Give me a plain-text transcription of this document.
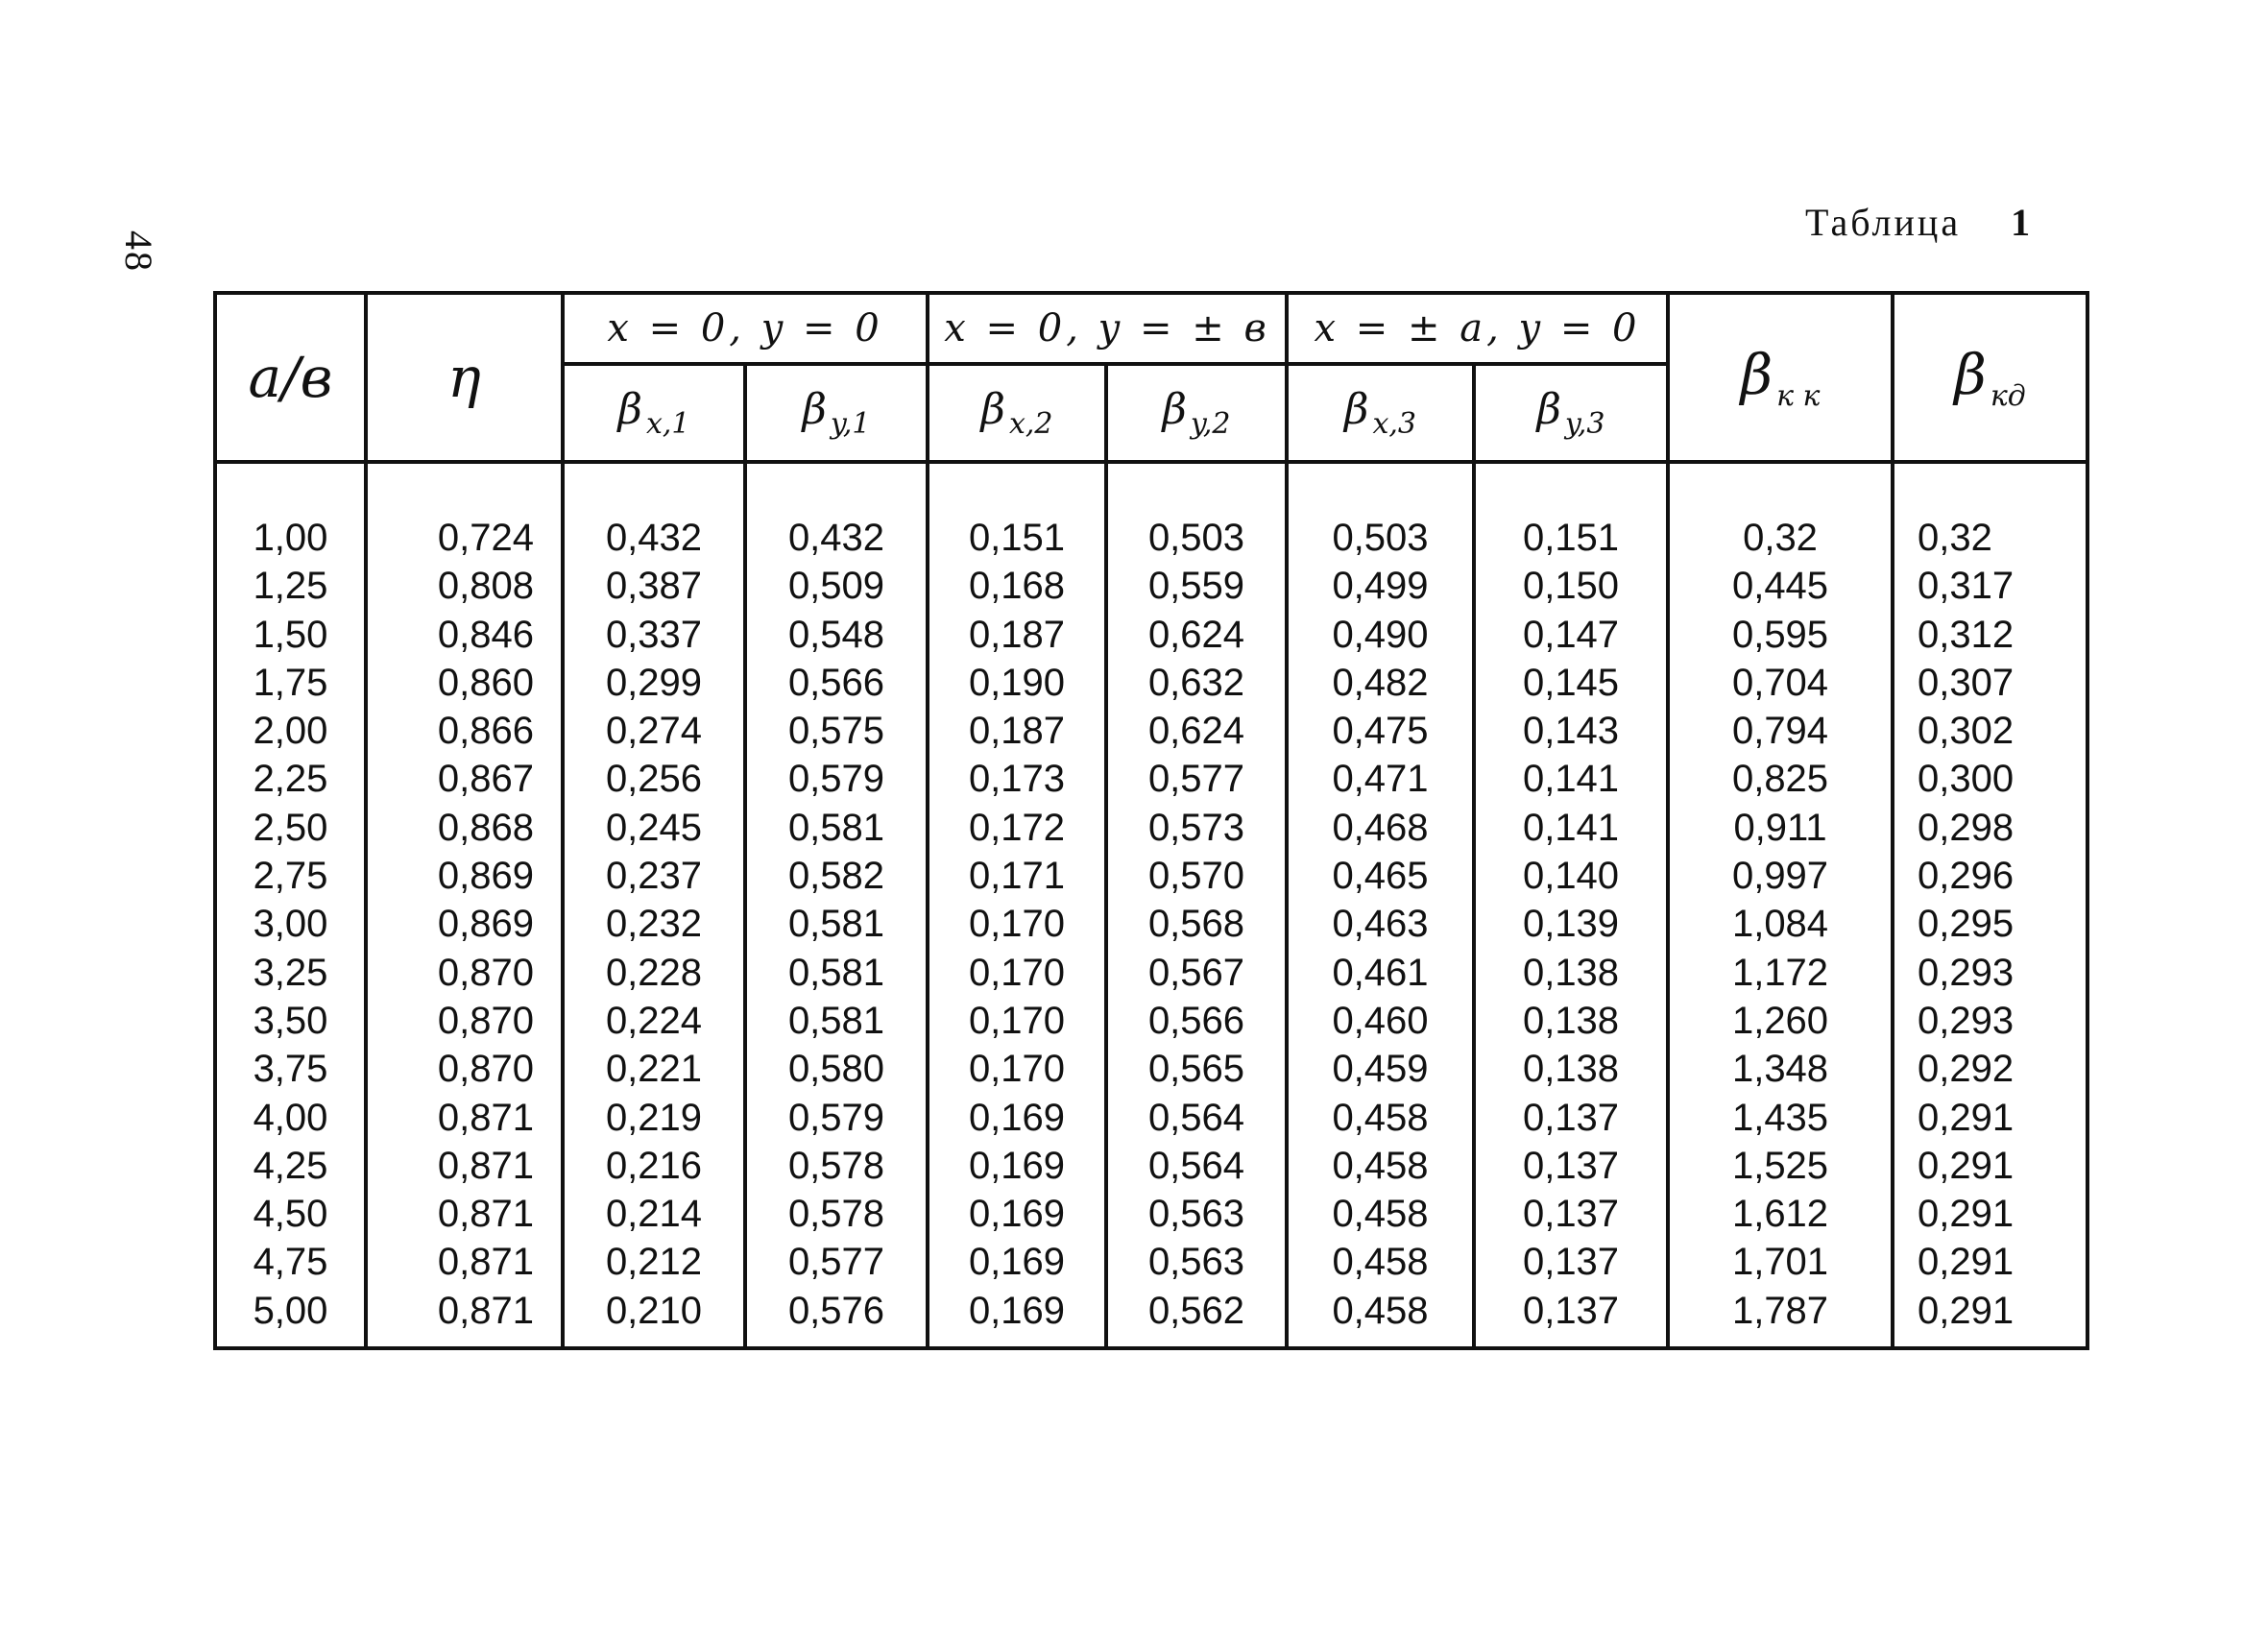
48
Таблица 1
a/в	η	x = 0, y = 0		x = 0, y = ± в		x = ± a, y = 0		β $_{к к}$	β $_{кд}$
		β $_{x,1}$	β $_{y,1}$	β $_{x,2}$	β $_{y,2}$	β $_{x,3}$	β $_{y,3}$
1,00	0,724	0,432	0,432	0,151	0,503	0,503	0,151	0,32	0,32
1,25	0,808	0,387	0,509	0,168	0,559	0,499	0,150	0,445	0,317
1,50	0,846	0,337	0,548	0,187	0,624	0,490	0,147	0,595	0,312
1,75	0,860	0,299	0,566	0,190	0,632	0,482	0,145	0,704	0,307
2,00	0,866	0,274	0,575	0,187	0,624	0,475	0,143	0,794	0,302
2,25	0,867	0,256	0,579	0,173	0,577	0,471	0,141	0,825	0,300
2,50	0,868	0,245	0,581	0,172	0,573	0,468	0,141	0,911	0,298
2,75	0,869	0,237	0,582	0,171	0,570	0,465	0,140	0,997	0,296
3,00	0,869	0,232	0,581	0,170	0,568	0,463	0,139	1,084	0,295
3,25	0,870	0,228	0,581	0,170	0,567	0,461	0,138	1,172	0,293
3,50	0,870	0,224	0,581	0,170	0,566	0,460	0,138	1,260	0,293
3,75	0,870	0,221	0,580	0,170	0,565	0,459	0,138	1,348	0,292
4,00	0,871	0,219	0,579	0,169	0,564	0,458	0,137	1,435	0,291
4,25	0,871	0,216	0,578	0,169	0,564	0,458	0,137	1,525	0,291
4,50	0,871	0,214	0,578	0,169	0,563	0,458	0,137	1,612	0,291
4,75	0,871	0,212	0,577	0,169	0,563	0,458	0,137	1,701	0,291
5,00	0,871	0,210	0,576	0,169	0,562	0,458	0,137	1,787	0,291
